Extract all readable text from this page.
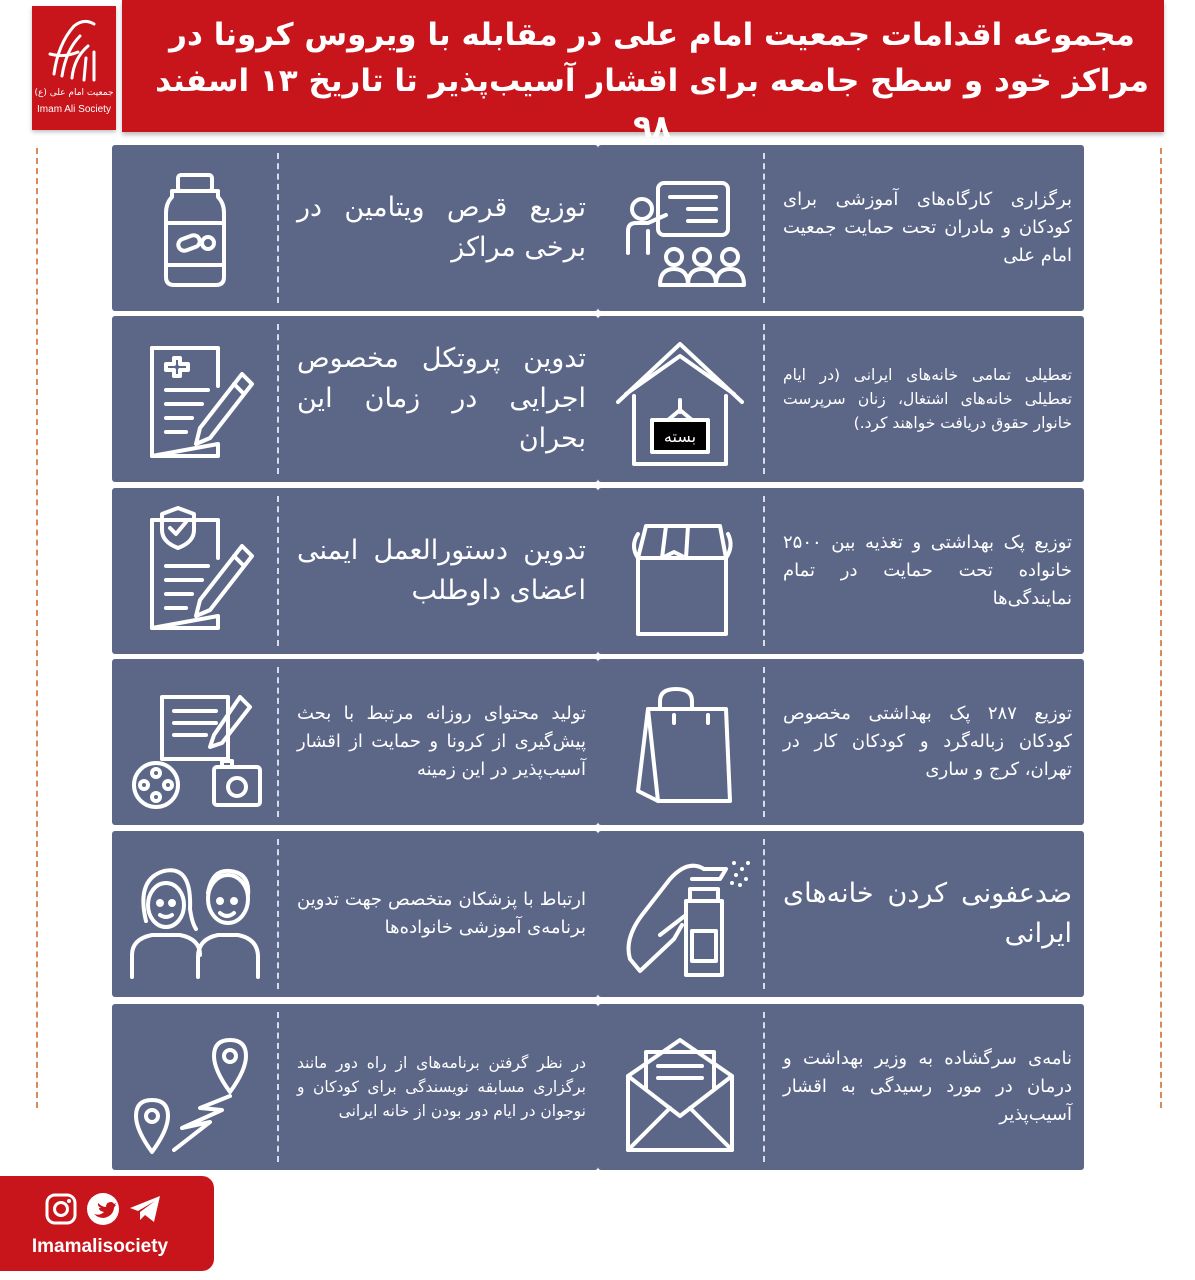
جمعیت امام علی (ع)
Imam Ali Society
مجموعه اقدامات جمعیت امام علی در مقابله با ویروس کرونا در مراکز خود و سطح جامعه برای اقشار آسیب‌پذیر تا تاریخ ۱۳ اسفند ۹۸
برگزاری کارگاه‌های آموزشی برای کودکان و مادران تحت حمایت جمعیت امام علی
توزیع قرص ویتامین در برخی مراکز
بسته
تعطیلی تمامی خانه‌های ایرانی (در ایام تعطیلی خانه‌های اشتغال، زنان سرپرست خانوار حقوق دریافت خواهند کرد.)
تدوین پروتکل مخصوص اجرایی در زمان این بحران
توزیع پک بهداشتی و تغذیه بین ۲۵۰۰ خانواده تحت حمایت در تمام نمایندگی‌ها
تدوین دستورالعمل ایمنی اعضای داوطلب
توزیع ۲۸۷ پک بهداشتی مخصوص کودکان زباله‌گرد و کودکان کار در تهران، کرج و ساری
تولید محتوای روزانه مرتبط با بحث پیش‌گیری از کرونا و حمایت از اقشار آسیب‌پذیر در این زمینه
ضدعفونی کردن خانه‌های ایرانی
ارتباط با پزشکان متخصص جهت تدوین برنامه‌ی آموزشی خانواده‌ها
نامه‌ی سرگشاده به وزیر بهداشت و درمان در مورد رسیدگی به اقشار آسیب‌پذیر
در نظر گرفتن برنامه‌های از راه دور مانند برگزاری مسابقه نویسندگی برای کودکان و نوجوان در ایام دور بودن از خانه ایرانی
Imamalisociety
